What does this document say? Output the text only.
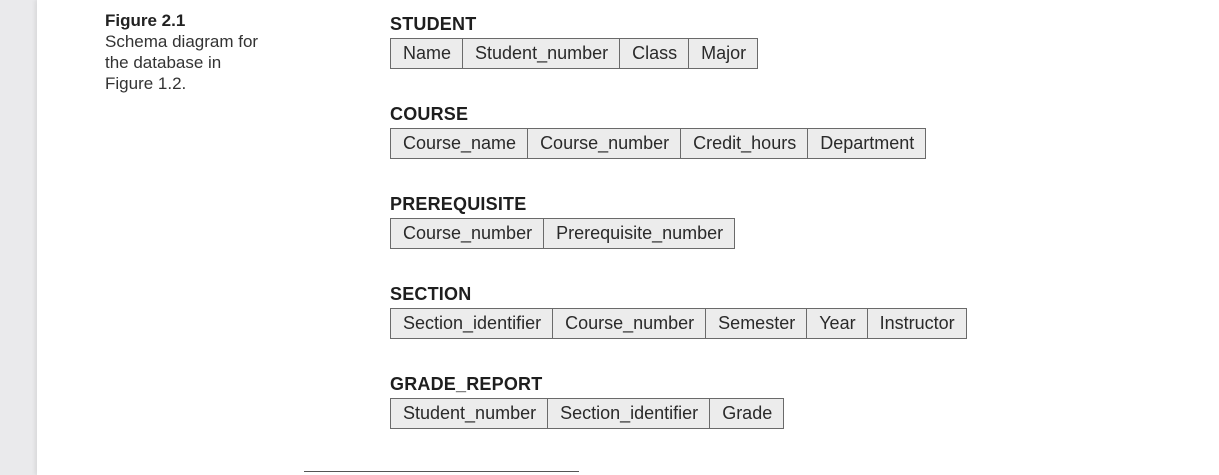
Figure 2.1
Schema diagram for
the database in
Figure 1.2.
STUDENT
Name	Student_number	Class	Major
COURSE
Course_name	Course_number	Credit_hours	Department
PREREQUISITE
Course_number	Prerequisite_number
SECTION
Section_identifier	Course_number	Semester	Year	Instructor
GRADE_REPORT
Student_number	Section_identifier	Grade
